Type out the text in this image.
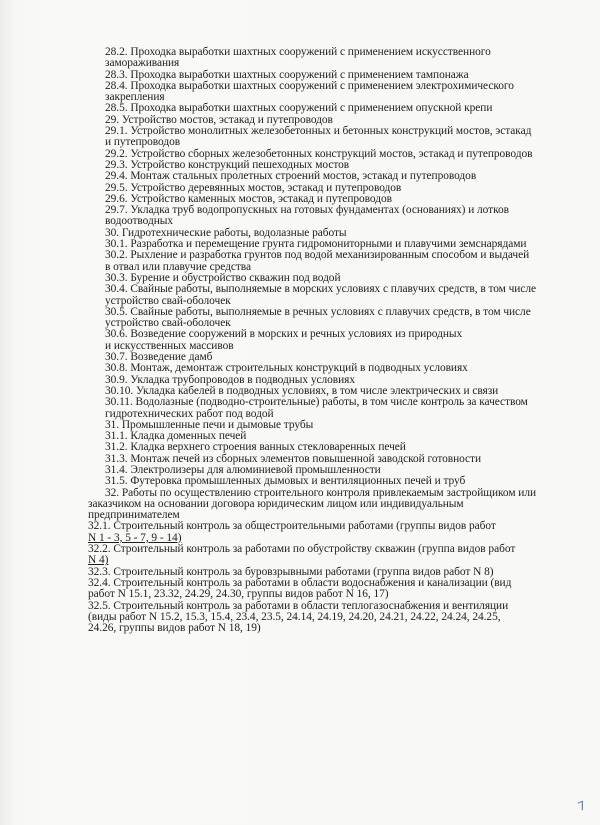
28.2. Проходка выработки шахтных сооружений с применением искусственного
замораживания
28.3. Проходка выработки шахтных сооружений с применением тампонажа
28.4. Проходка выработки шахтных сооружений с применением электрохимического
закрепления
28.5. Проходка выработки шахтных сооружений с применением опускной крепи
29. Устройство мостов, эстакад и путепроводов
29.1. Устройство монолитных железобетонных и бетонных конструкций мостов, эстакад
и путепроводов
29.2. Устройство сборных железобетонных конструкций мостов, эстакад и путепроводов
29.3. Устройство конструкций пешеходных мостов
29.4. Монтаж стальных пролетных строений мостов, эстакад и путепроводов
29.5. Устройство деревянных мостов, эстакад и путепроводов
29.6. Устройство каменных мостов, эстакад и путепроводов
29.7. Укладка труб водопропускных на готовых фундаментах (основаниях) и лотков
водоотводных
30. Гидротехнические работы, водолазные работы
30.1. Разработка и перемещение грунта гидромониторными и плавучими земснарядами
30.2. Рыхление и разработка грунтов под водой механизированным способом и выдачей
в отвал или плавучие средства
30.3. Бурение и обустройство скважин под водой
30.4. Свайные работы, выполняемые в морских условиях с плавучих средств, в том числе
устройство свай-оболочек
30.5. Свайные работы, выполняемые в речных условиях с плавучих средств, в том числе
устройство свай-оболочек
30.6. Возведение сооружений в морских и речных условиях из природных
и искусственных массивов
30.7. Возведение дамб
30.8. Монтаж, демонтаж строительных конструкций в подводных условиях
30.9. Укладка трубопроводов в подводных условиях
30.10. Укладка кабелей в подводных условиях, в том числе электрических и связи
30.11. Водолазные (подводно-строительные) работы, в том числе контроль за качеством
гидротехнических работ под водой
31. Промышленные печи и дымовые трубы
31.1. Кладка доменных печей
31.2. Кладка верхнего строения ванных стекловаренных печей
31.3. Монтаж печей из сборных элементов повышенной заводской готовности
31.4. Электролизеры для алюминиевой промышленности
31.5. Футеровка промышленных дымовых и вентиляционных печей и труб
32. Работы по осуществлению строительного контроля привлекаемым застройщиком или
заказчиком на основании договора юридическим лицом или индивидуальным
предпринимателем
32.1. Строительный контроль за общестроительными работами (группы видов работ
N 1 - 3, 5 - 7, 9 - 14)
32.2. Строительный контроль за работами по обустройству скважин (группа видов работ
N 4)
32.3. Строительный контроль за буровзрывными работами (группа видов работ N 8)
32.4. Строительный контроль за работами в области водоснабжения и канализации (вид
работ N 15.1, 23.32, 24.29, 24.30, группы видов работ N 16, 17)
32.5. Строительный контроль за работами в области теплогазоснабжения и вентиляции
(виды работ N 15.2, 15.3, 15.4, 23.4, 23.5, 24.14, 24.19, 24.20, 24.21, 24.22, 24.24, 24.25,
24.26, группы видов работ N 18, 19)
7
